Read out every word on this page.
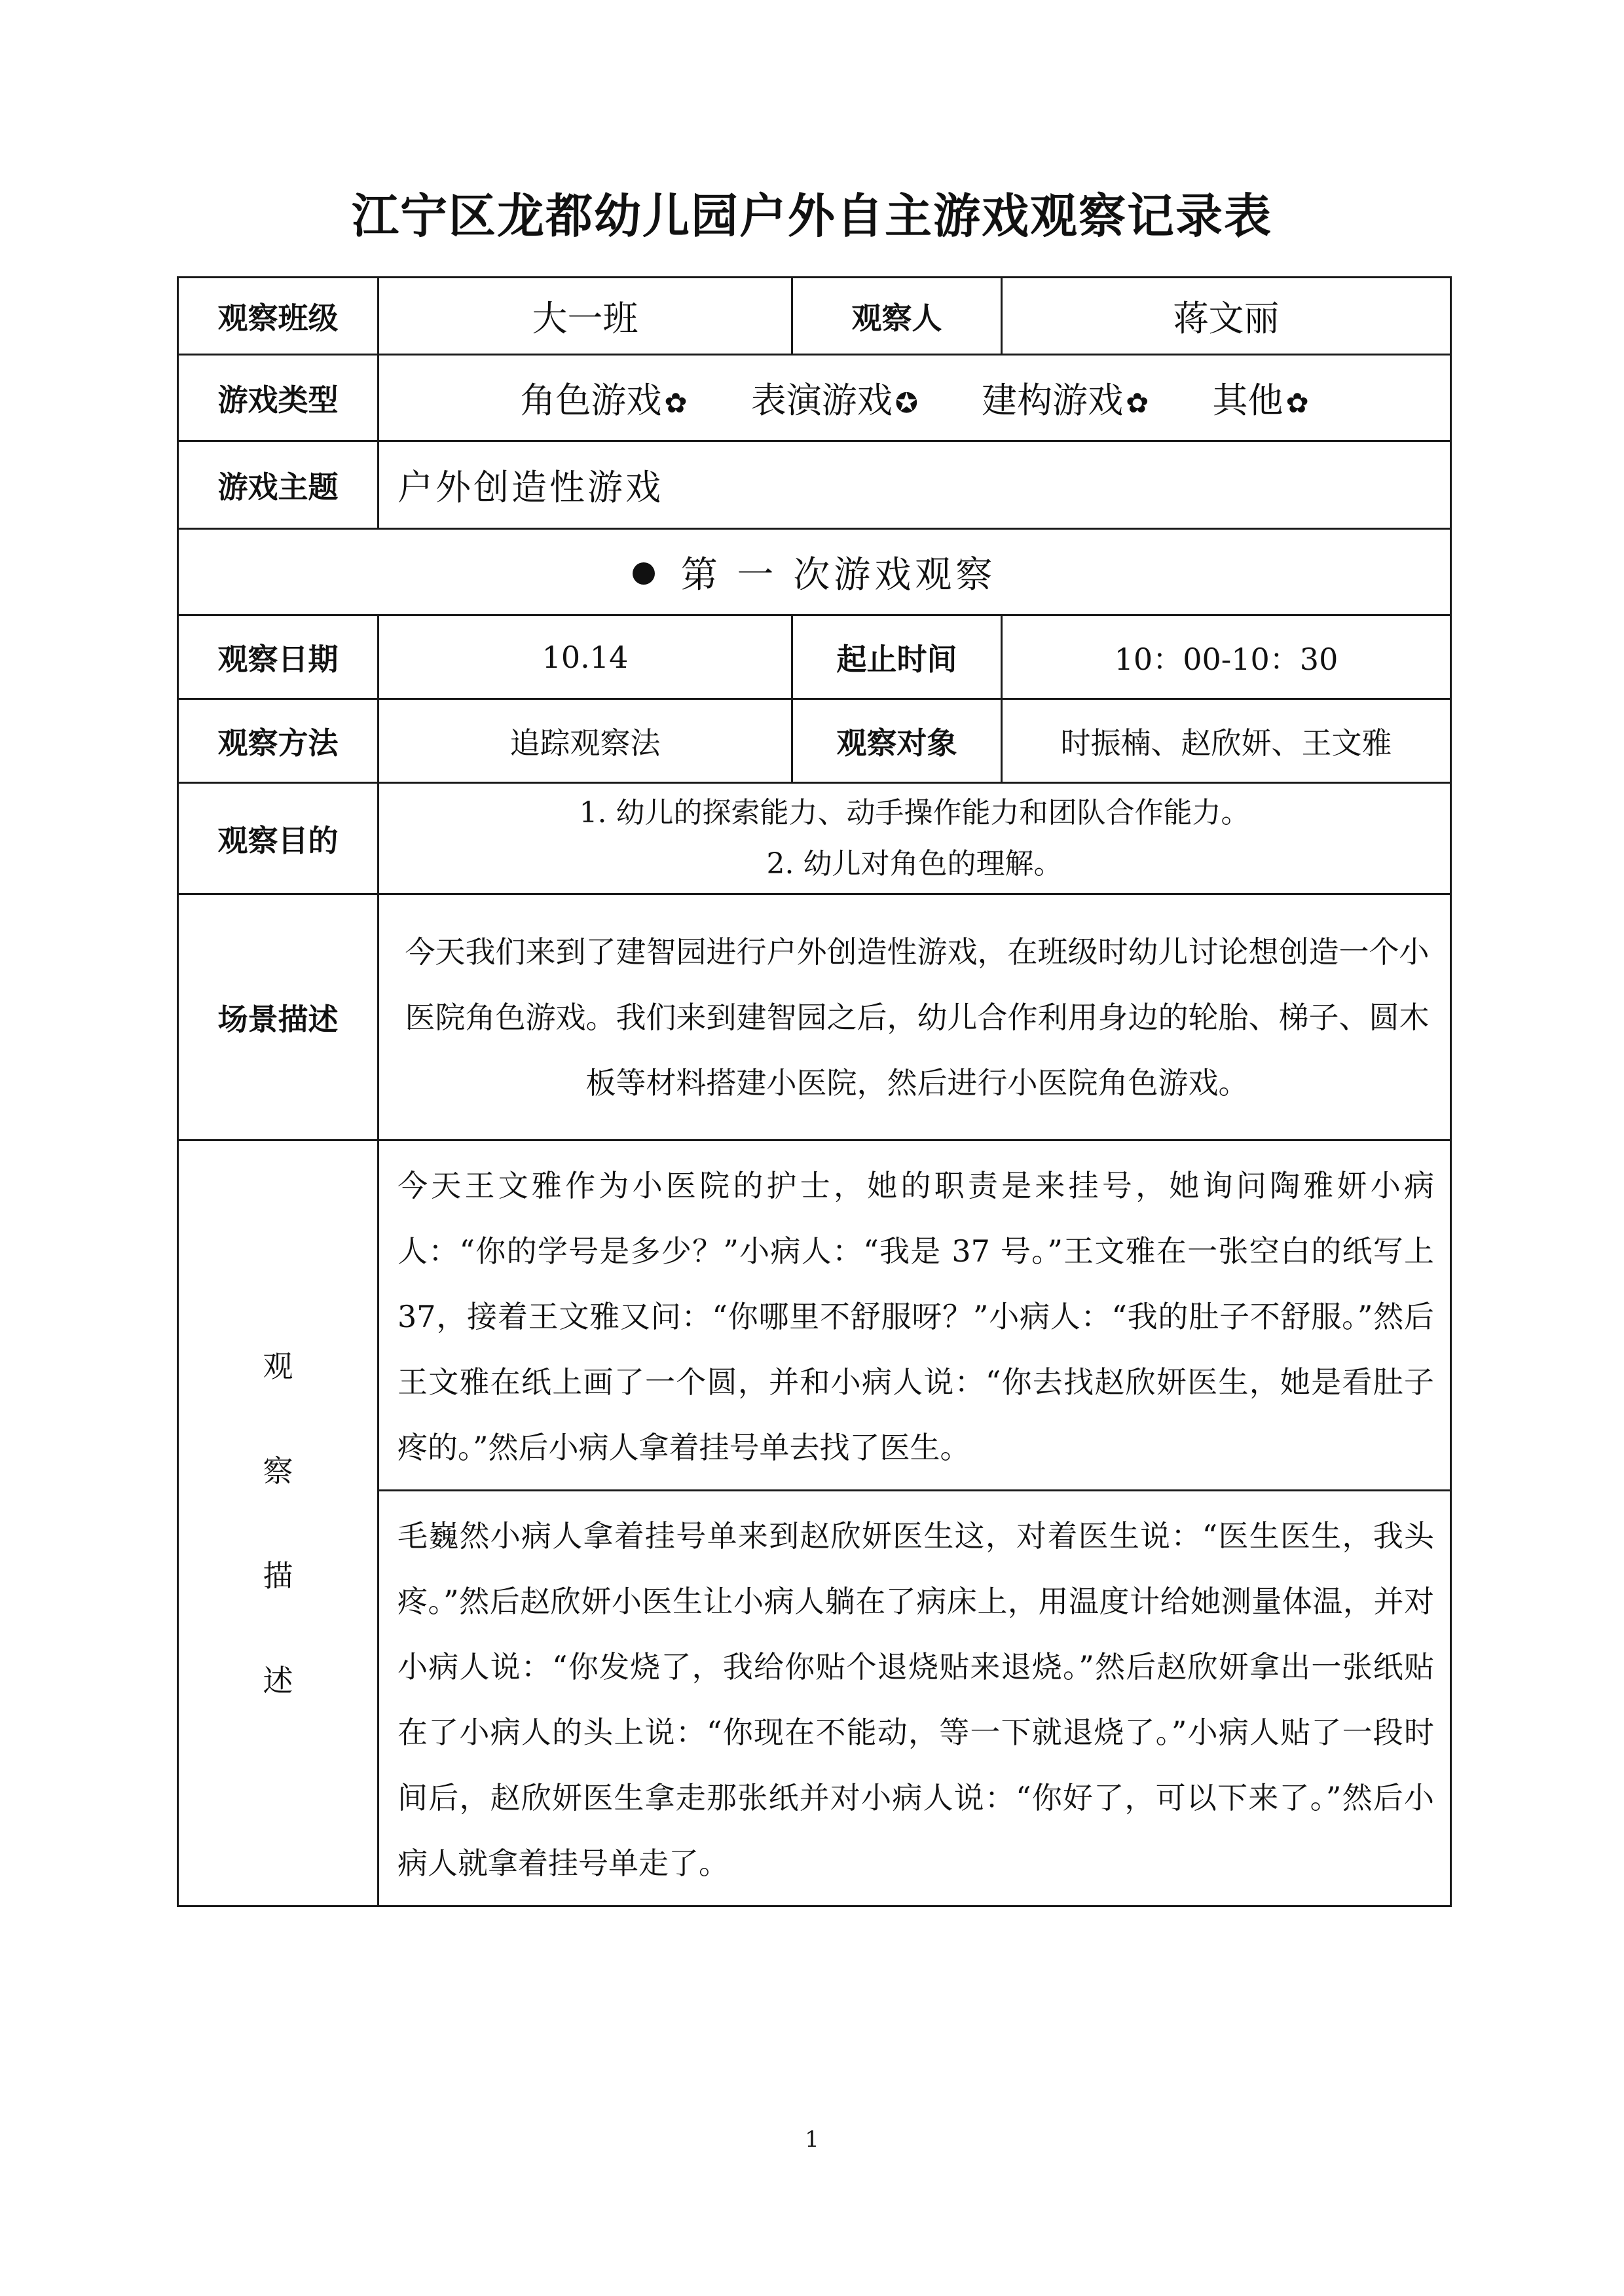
江宁区龙都幼儿园户外自主游戏观察记录表
观察班级	大一班	观察人	蒋文丽
游戏类型	角色游戏✿ 表演游戏✪ 建构游戏✿ 其他✿		
游戏主题	户外创造性游戏		
第 一 次游戏观察			
观察日期	10.14	起止时间	10：00-10：30
观察方法	追踪观察法	观察对象	时振楠、赵欣妍、王文雅
观察目的	1. 幼儿的探索能力、动手操作能力和团队合作能力。
2. 幼儿对角色的理解。		

场景描述	今天我们来到了建智园进行户外创造性游戏，在班级时幼儿讨论想创造一个小医院角色游戏。我们来到建智园之后，幼儿合作利用身边的轮胎、梯子、圆木板等材料搭建小医院，然后进行小医院角色游戏。		

观
察
描
述	今天王文雅作为小医院的护士，她的职责是来挂号，她询问陶雅妍小病人：“你的学号是多少？”小病人：“我是 37 号。”王文雅在一张空白的纸写上 37，接着王文雅又问：“你哪里不舒服呀？”小病人：“我的肚子不舒服。”然后王文雅在纸上画了一个圆，并和小病人说：“你去找赵欣妍医生，她是看肚子疼的。”然后小病人拿着挂号单去找了医生。		
	毛巍然小病人拿着挂号单来到赵欣妍医生这，对着医生说：“医生医生，我头疼。”然后赵欣妍小医生让小病人躺在了病床上，用温度计给她测量体温，并对小病人说：“你发烧了，我给你贴个退烧贴来退烧。”然后赵欣妍拿出一张纸贴在了小病人的头上说：“你现在不能动，等一下就退烧了。”小病人贴了一段时间后，赵欣妍医生拿走那张纸并对小病人说：“你好了，可以下来了。”然后小病人就拿着挂号单走了。		
1
